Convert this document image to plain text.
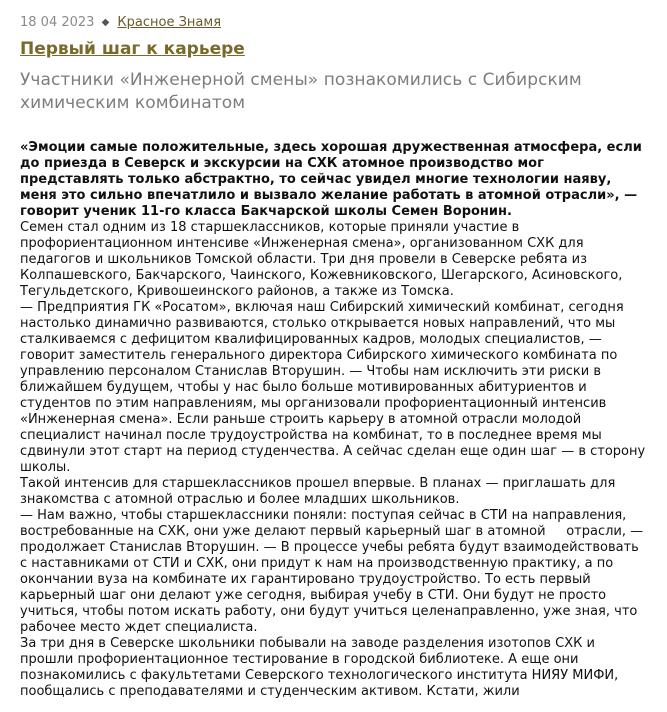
18 04 2023 ◆ Красное Знамя
Первый шаг к карьере
Участники «Инженерной смены» познакомились с Сибирским химическим комбинатом

«Эмоции самые положительные, здесь хорошая дружественная атмосфера, если до приезда в Северск и экскурсии на СХК атомное производство мог представлять только абстрактно, то сейчас увидел многие технологии наяву, меня это сильно впечатлило и вызвало желание работать в атомной отрасли», — говорит ученик 11-го класса Бакчарской школы Семен Воронин.

Семен стал одним из 18 старшеклассников, которые приняли участие в профориентационном интенсиве «Инженерная смена», организованном СХК для педагогов и школьников Томской области. Три дня провели в Северске ребята из Колпашевского, Бакчарского, Чаинского, Кожевниковского, Шегарского, Асиновского, Тегульдетского, Кривошеинского районов, а также из Томска.

— Предприятия ГК «Росатом», включая наш Сибирский химический комбинат, сегодня настолько динамично развиваются, столько открывается новых направлений, что мы сталкиваемся с дефицитом квалифицированных кадров, молодых специалистов, — говорит заместитель генерального директора Сибирского химического комбината по управлению персоналом Станислав Вторушин. — Чтобы нам исключить эти риски в ближайшем будущем, чтобы у нас было больше мотивированных абитуриентов и студентов по этим направлениям, мы организовали профориентационный интенсив «Инженерная смена». Если раньше строить карьеру в атомной отрасли молодой специалист начинал после трудоустройства на комбинат, то в последнее время мы сдвинули этот старт на период студенчества. А сейчас сделан еще один шаг — в сторону школы.

Такой интенсив для старшеклассников прошел впервые. В планах — приглашать для знакомства с атомной отраслью и более младших школьников.

— Нам важно, чтобы старшеклассники поняли: поступая сейчас в СТИ на направления, востребованные на СХК, они уже делают первый карьерный шаг в атомной     отрасли, — продолжает Станислав Вторушин. — В процессе учебы ребята будут взаимодействовать с наставниками от СТИ и СХК, они придут к нам на производственную практику, а по окончании вуза на комбинате их гарантировано трудоустройство. То есть первый карьерный шаг они делают уже сегодня, выбирая учебу в СТИ. Они будут не просто учиться, чтобы потом искать работу, они будут учиться целенаправленно, уже зная, что рабочее место ждет специалиста.

За три дня в Северске школьники побывали на заводе разделения изотопов СХК и прошли профориентационное тестирование в городской библиотеке. А еще они познакомились с факультетами Северского технологического института НИЯУ МИФИ, пообщались с преподавателями и студенческим активом. Кстати, жили
